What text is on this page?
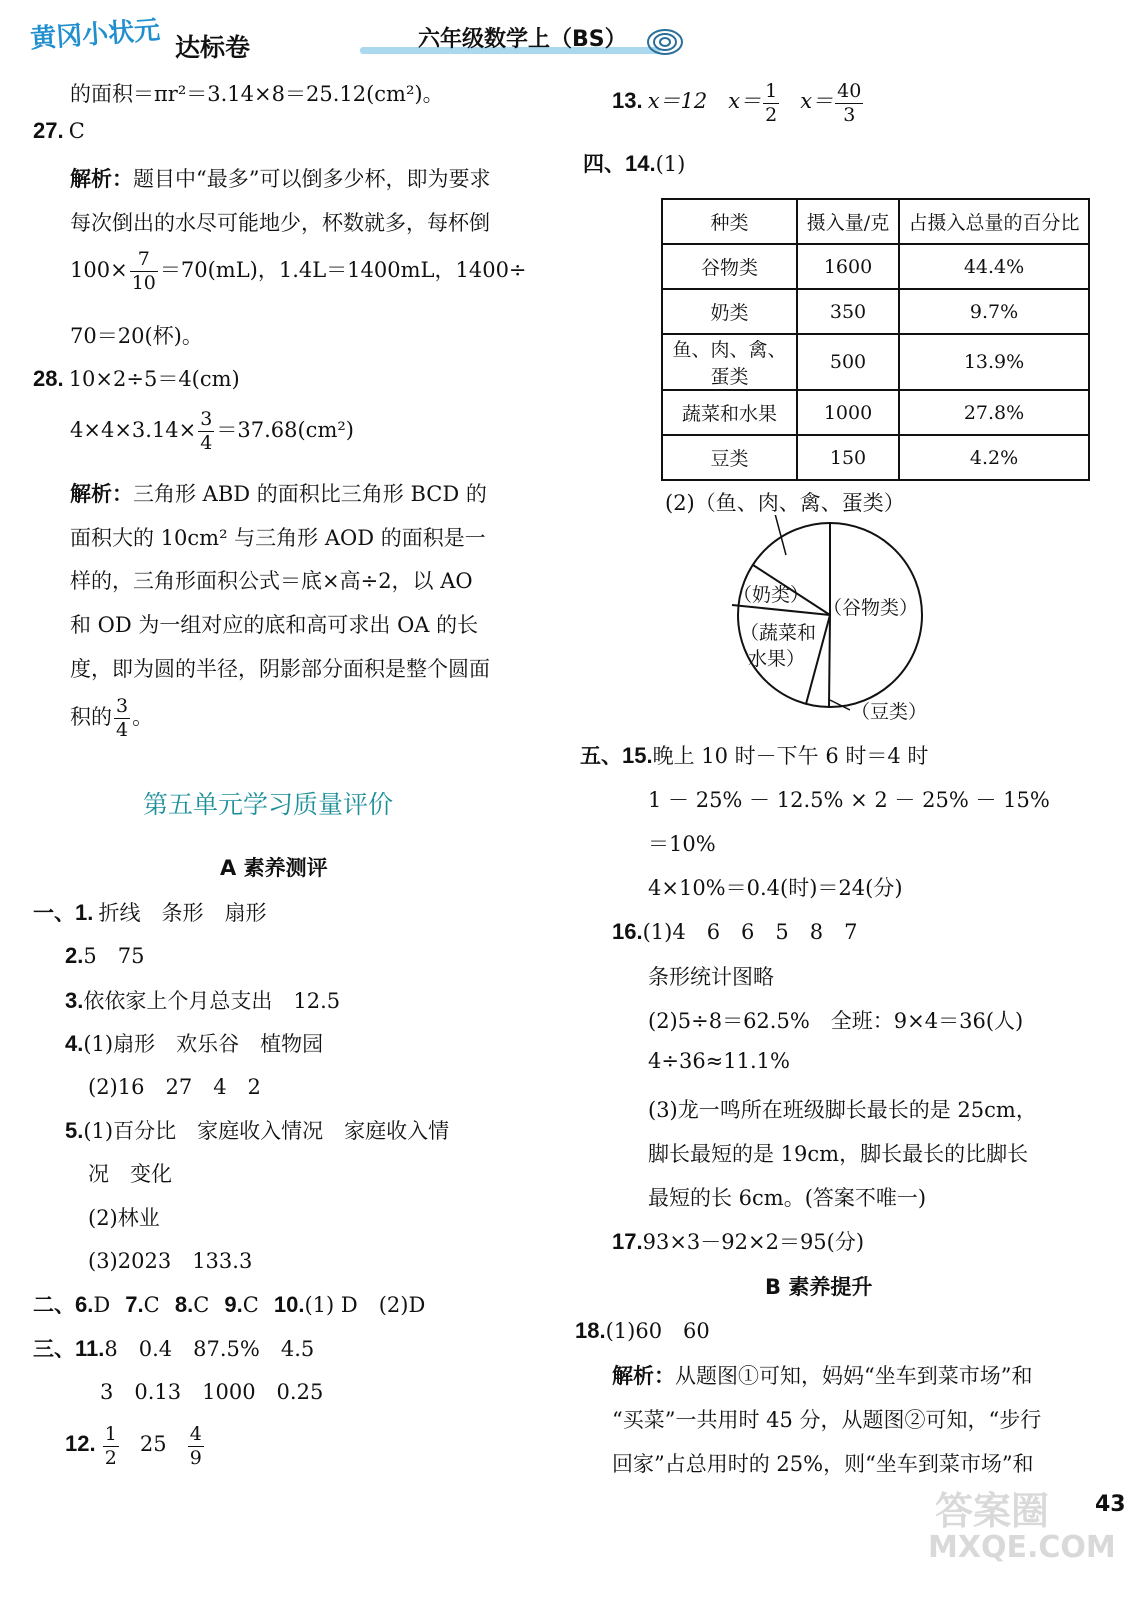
黄冈小状元 达标卷	六年级数学上（BS）
的面积＝πr²＝3.14×8＝25.12(cm²)。
27. C
解析：题目中“最多”可以倒多少杯，即为要求
每次倒出的水尽可能地少，杯数就多，每杯倒
$100\times \frac{7}{10} =70(mL)$，1.4L＝1400mL，1400÷
70＝20(杯)。
28. 10×2÷5＝4(cm)
$4\times 4\times 3.14\times \frac{3}{4} =37.68(cm^2)$
解析：三角形 ABD 的面积比三角形 BCD 的
面积大的 10cm² 与三角形 AOD 的面积是一
样的，三角形面积公式＝底×高÷2，以 AO
和 OD 为一组对应的底和高可求出 OA 的长
度，即为圆的半径，阴影部分面积是整个圆面
积的 $\frac{3}{4}$ 。
第五单元学习质量评价
A 素养测评
一、1. 折线　条形　扇形
2.5　75
3.依依家上个月总支出　12.5
4.(1)扇形　欢乐谷　植物园
(2)16　27　4　2
5.(1)百分比　家庭收入情况　家庭收入情
况　变化
(2)林业
(3)2023　133.3
二、6.D 7.C 8.C 9.C 10.(1) D　(2)D
三、11.8　0.4　87.5%　4.5
3　0.13　1000　0.25
12. $\frac{1}{2} 25 \frac{4}{9}$
13. x＝12　$x= \frac{1}{2} x= \frac{40}{3}$
四、14.(1)
种类	摄入量/克	占摄入总量的百分比
谷物类	1600	44.4%
奶类	350	9.7%
鱼、肉、禽、蛋类	500	13.9%
蔬菜和水果	1000	27.8%
豆类	150	4.2%
(2)（鱼、肉、禽、蛋类）
（奶类）
（谷物类）
（蔬菜和
水果）
（豆类）
五、15.晚上 10 时－下午 6 时＝4 时
1 － 25% － 12.5% × 2 － 25% － 15%
＝10%
4×10%＝0.4(时)＝24(分)
16.(1)4　6　6　5　8　7
条形统计图略
(2)5÷8＝62.5%　全班：9×4＝36(人)
4÷36≈11.1%
(3)龙一鸣所在班级脚长最长的是 25cm，
脚长最短的是 19cm，脚长最长的比脚长
最短的长 6cm。(答案不唯一)
17.93×3－92×2＝95(分)
B 素养提升
18.(1)60　60
解析：从题图①可知，妈妈“坐车到菜市场”和
“买菜”一共用时 45 分，从题图②可知，“步行
回家”占总用时的 25%，则“坐车到菜市场”和
43
答案圈
MXQE.COM
